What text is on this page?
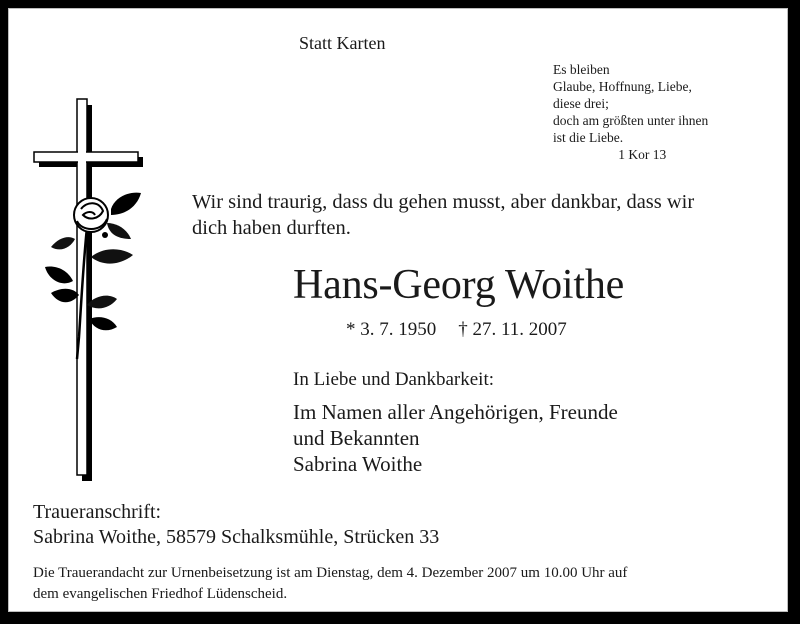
Statt Karten
Es bleiben
Glaube, Hoffnung, Liebe,
diese drei;
doch am größten unter ihnen
ist die Liebe.
1 Kor 13
Wir sind traurig, dass du gehen musst, aber dankbar, dass wir
dich haben durften.
Hans-Georg Woithe
* 3. 7. 1950 † 27. 11. 2007
In Liebe und Dankbarkeit:
Im Namen aller Angehörigen, Freunde
und Bekannten
Sabrina Woithe
Traueranschrift:
Sabrina Woithe, 58579 Schalksmühle, Strücken 33
Die Trauerandacht zur Urnenbeisetzung ist am Dienstag, dem 4. Dezember 2007 um 10.00 Uhr auf
dem evangelischen Friedhof Lüdenscheid.
